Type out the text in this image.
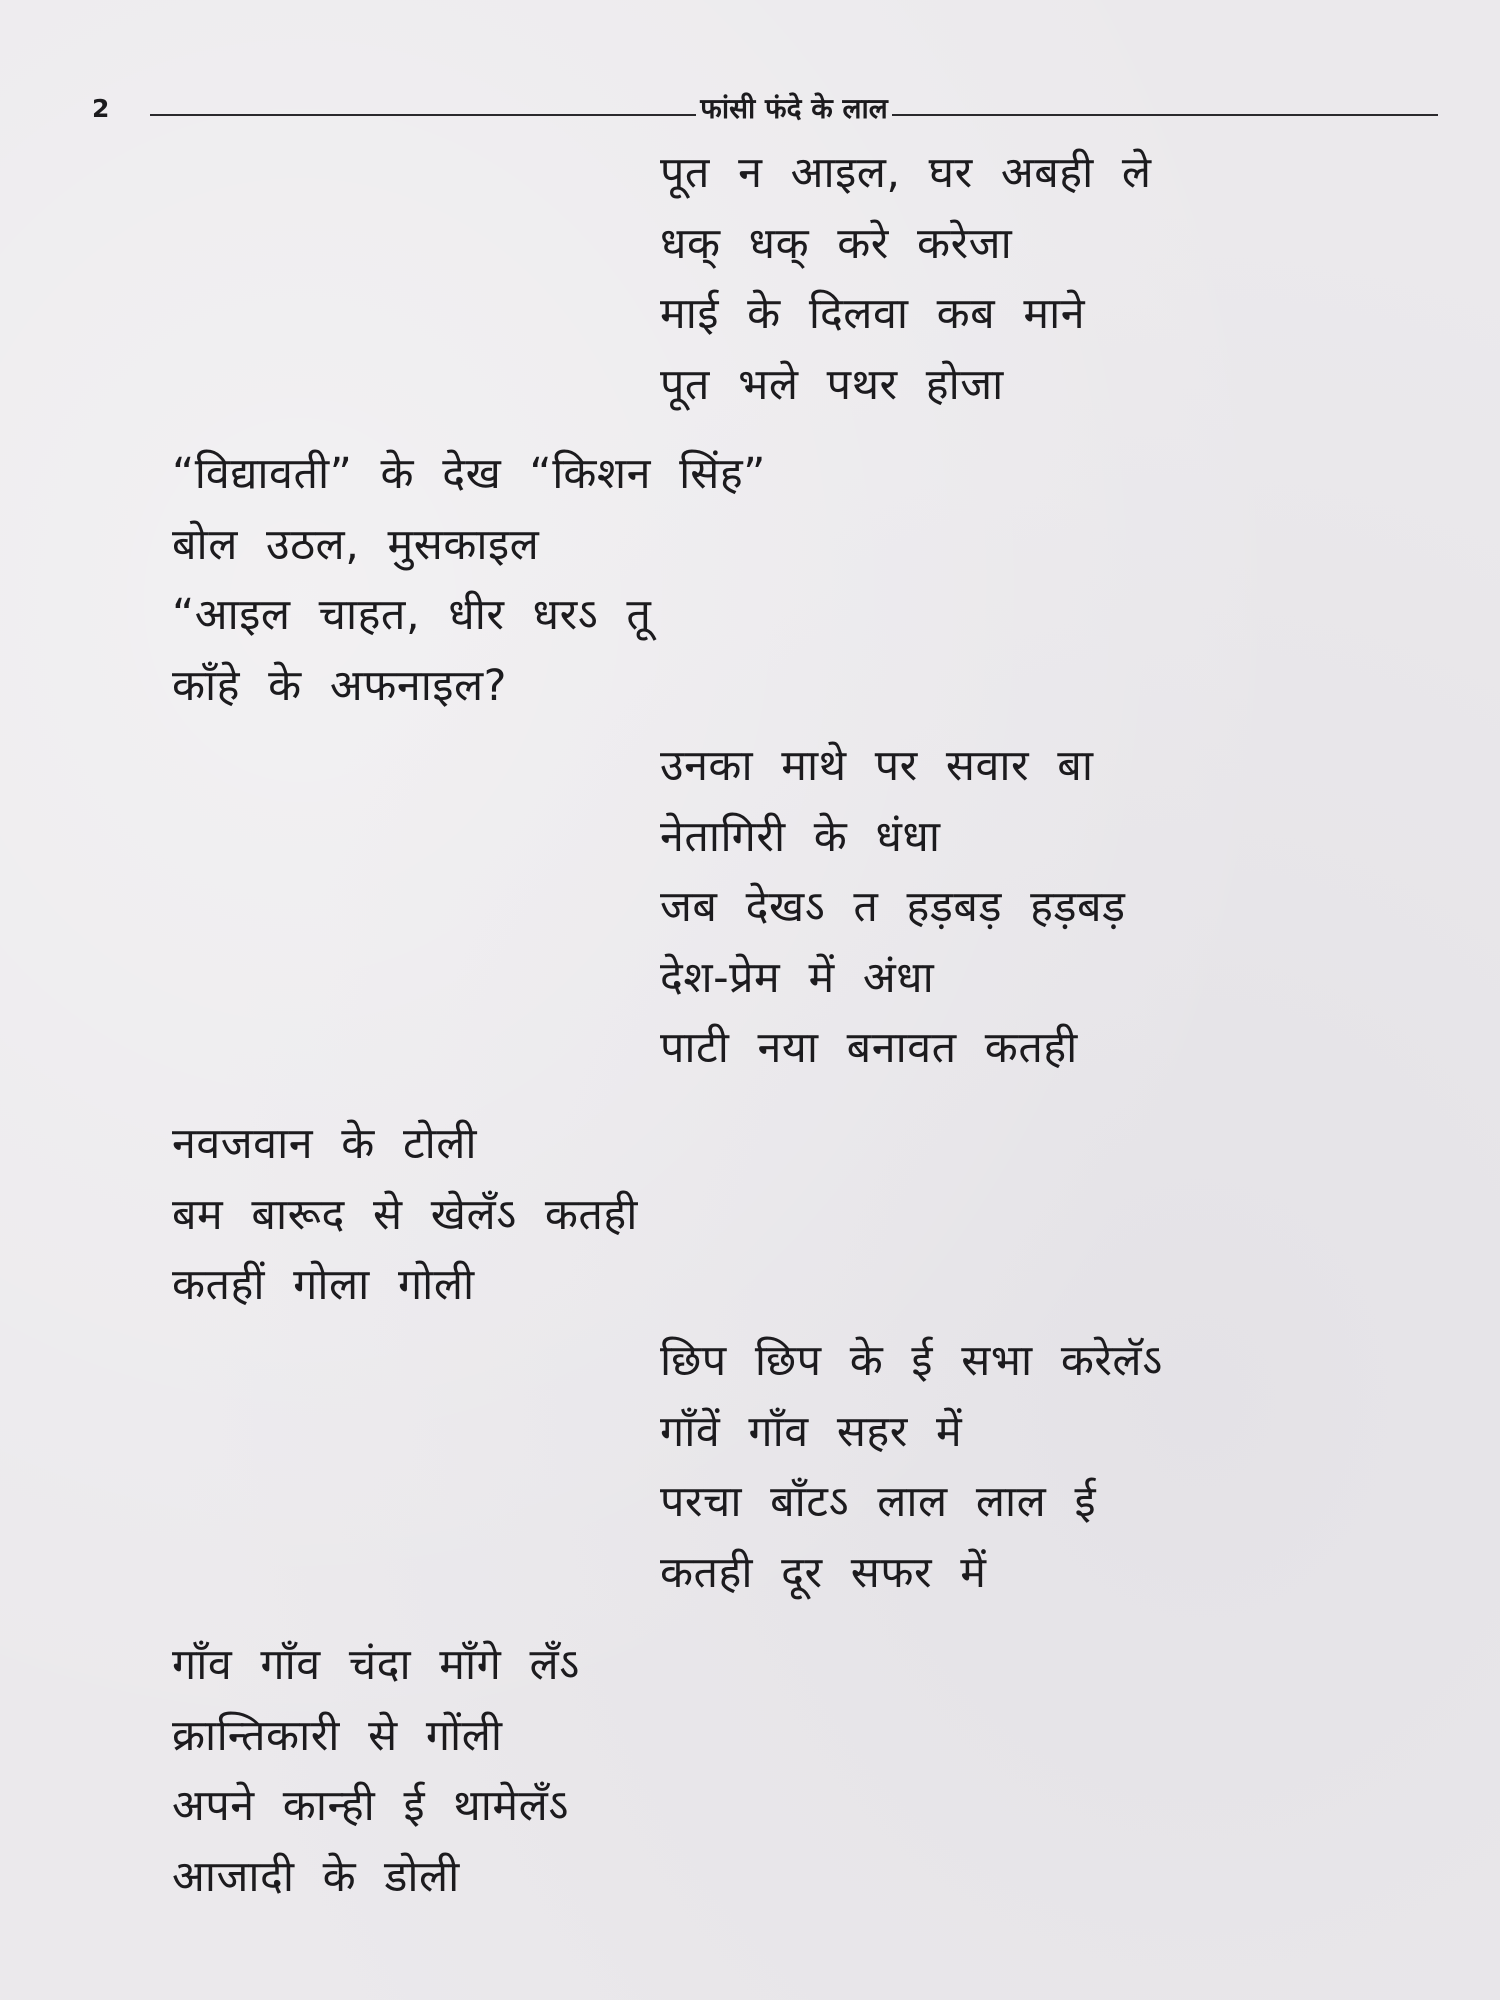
2	फांसी फंदे के लाल
पूत न आइल, घर अबही ले
धक् धक् करे करेजा
माई के दिलवा कब माने
पूत भले पथर होजा
“विद्यावती” के देख “किशन सिंह”
बोल उठल, मुसकाइल
“आइल चाहत, धीर धरऽ तू
काँहे के अफनाइल?
उनका माथे पर सवार बा
नेतागिरी के धंधा
जब देखऽ त हड़बड़ हड़बड़
देश-प्रेम में अंधा
पाटी नया बनावत कतही
नवजवान के टोली
बम बारूद से खेलँऽ कतही
कतहीं गोला गोली
छिप छिप के ई सभा करेलॅऽ
गाँवें गाँव सहर में
परचा बाँटऽ लाल लाल ई
कतही दूर सफर में
गाँव गाँव चंदा माँगे लँऽ
क्रान्तिकारी से गोंली
अपने कान्ही ई थामेलँऽ
आजादी के डोली
